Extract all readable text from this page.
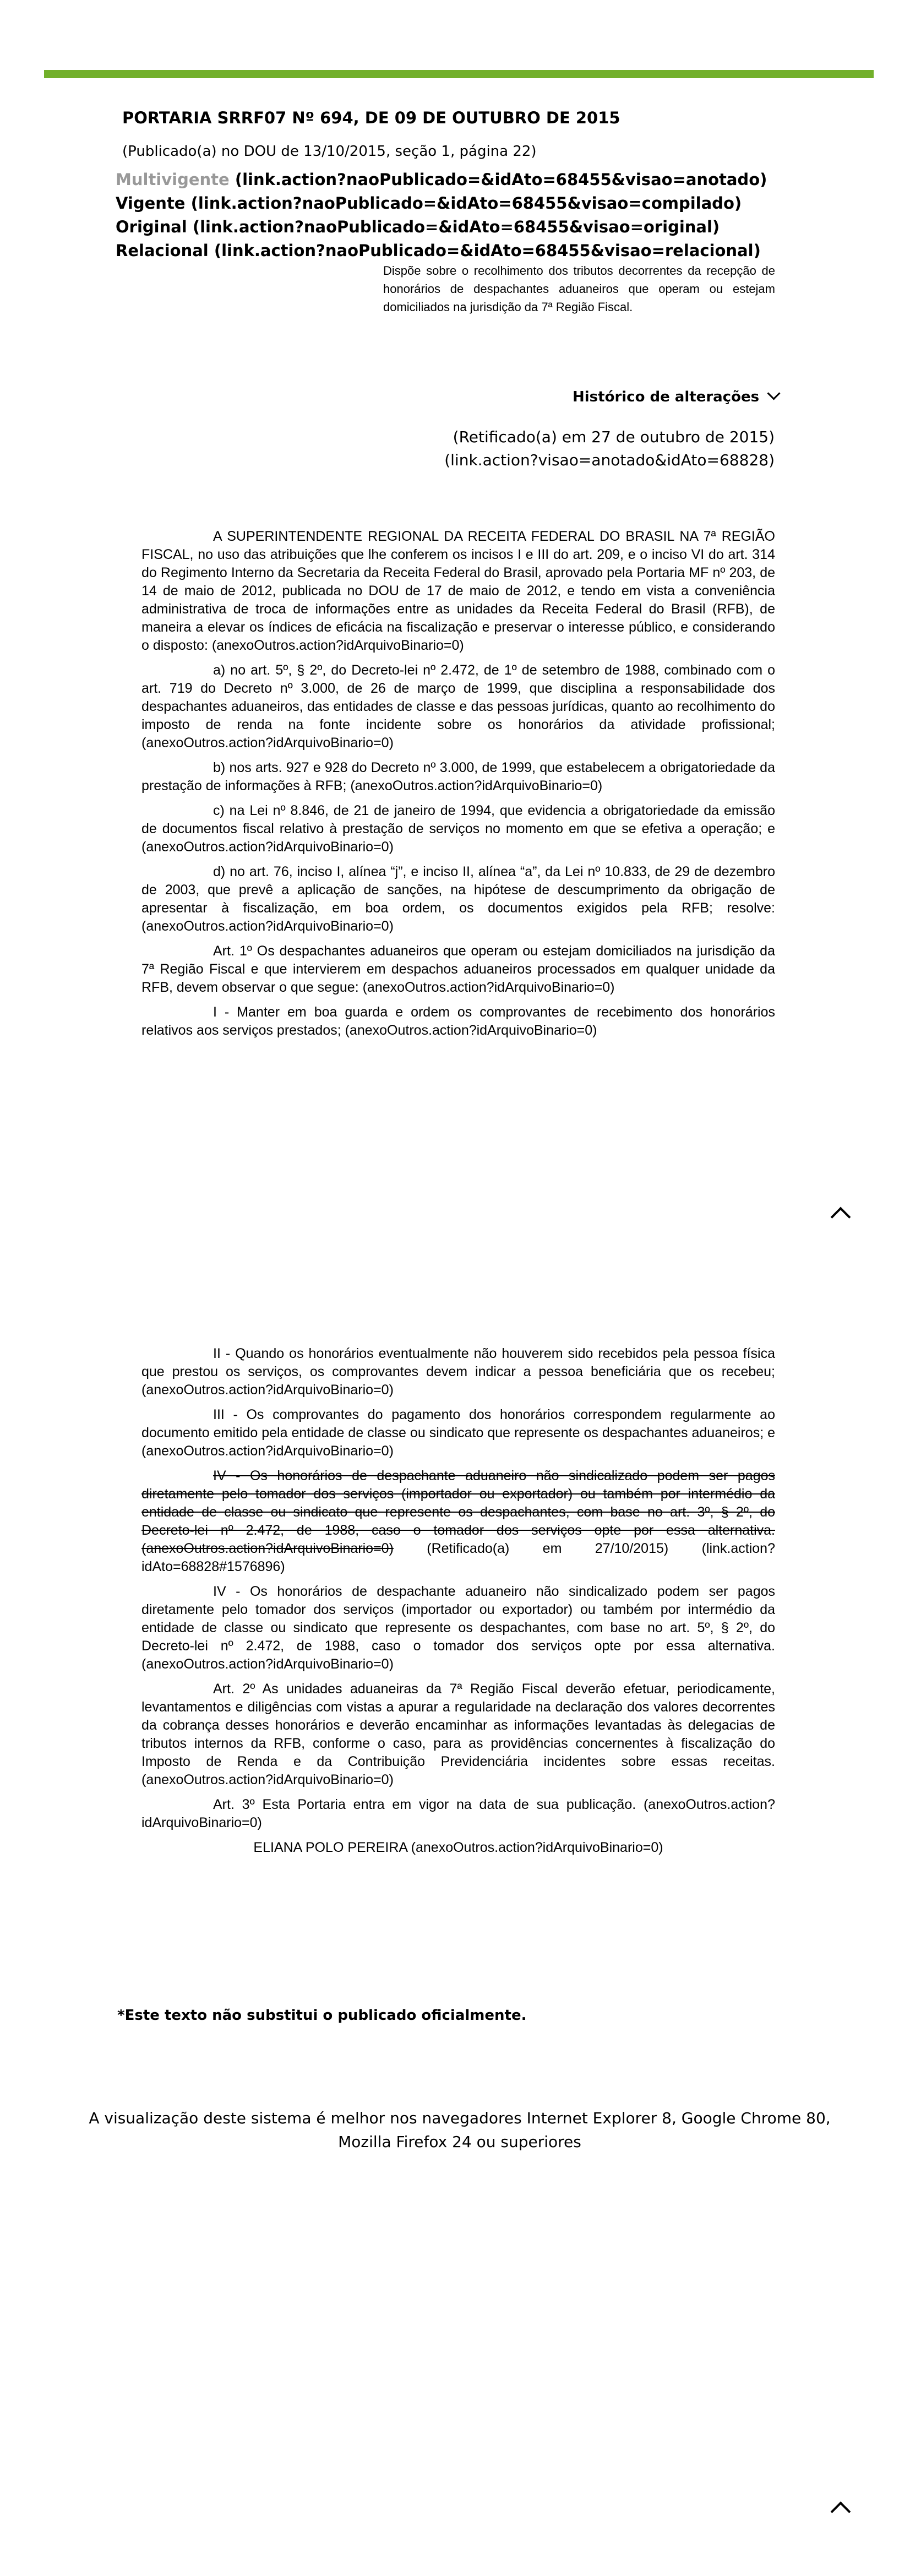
PORTARIA SRRF07 Nº 694, DE 09 DE OUTUBRO DE 2015
(Publicado(a) no DOU de 13/10/2015, seção 1, página 22)
Multivigente (link.action?naoPublicado=&idAto=68455&visao=anotado)     Vigente (link.action?naoPublicado=&idAto=68455&visao=compilado)     Original (link.action?naoPublicado=&idAto=68455&visao=original)     Relacional (link.action?naoPublicado=&idAto=68455&visao=relacional)
Dispõe sobre o recolhimento dos tributos decorrentes da recepção de honorários de despachantes aduaneiros que operam ou estejam domiciliados na jurisdição da 7ª Região Fiscal.
Histórico de alterações
(Retificado(a) em 27 de outubro de 2015)
(link.action?visao=anotado&idAto=68828)

A SUPERINTENDENTE REGIONAL DA RECEITA FEDERAL DO BRASIL NA 7ª REGIÃO FISCAL, no uso das atribuições que lhe conferem os incisos I e III do art. 209, e o inciso VI do art. 314 do Regimento Interno da Secretaria da Receita Federal do Brasil, aprovado pela Portaria MF nº 203, de 14 de maio de 2012, publicada no DOU de 17 de maio de 2012, e tendo em vista a conveniência administrativa de troca de informações entre as unidades da Receita Federal do Brasil (RFB), de maneira a elevar os índices de eficácia na fiscalização e preservar o interesse público, e considerando o disposto: (anexoOutros.action?idArquivoBinario=0)

a) no art. 5º, § 2º, do Decreto-lei nº 2.472, de 1º de setembro de 1988, combinado com o art. 719 do Decreto nº 3.000, de 26 de março de 1999, que disciplina a responsabilidade dos despachantes aduaneiros, das entidades de classe e das pessoas jurídicas, quanto ao recolhimento do imposto de renda na fonte incidente sobre os honorários da atividade profissional; (anexoOutros.action?idArquivoBinario=0)

b) nos arts. 927 e 928 do Decreto nº 3.000, de 1999, que estabelecem a obrigatoriedade da prestação de informações à RFB; (anexoOutros.action?idArquivoBinario=0)

c) na Lei nº 8.846, de 21 de janeiro de 1994, que evidencia a obrigatoriedade da emissão de documentos fiscal relativo à prestação de serviços no momento em que se efetiva a operação; e (anexoOutros.action?idArquivoBinario=0)

d) no art. 76, inciso I, alínea “j”, e inciso II, alínea “a”, da Lei nº 10.833, de 29 de dezembro de 2003, que prevê a aplicação de sanções, na hipótese de descumprimento da obrigação de apresentar à fiscalização, em boa ordem, os documentos exigidos pela RFB; resolve: (anexoOutros.action?idArquivoBinario=0)

Art. 1º Os despachantes aduaneiros que operam ou estejam domiciliados na jurisdição da 7ª Região Fiscal e que intervierem em despachos aduaneiros processados em qualquer unidade da RFB, devem observar o que segue: (anexoOutros.action?idArquivoBinario=0)

I - Manter em boa guarda e ordem os comprovantes de recebimento dos honorários relativos aos serviços prestados; (anexoOutros.action?idArquivoBinario=0)

II - Quando os honorários eventualmente não houverem sido recebidos pela pessoa física que prestou os serviços, os comprovantes devem indicar a pessoa beneficiária que os recebeu; (anexoOutros.action?idArquivoBinario=0)

III - Os comprovantes do pagamento dos honorários correspondem regularmente ao documento emitido pela entidade de classe ou sindicato que represente os despachantes aduaneiros; e (anexoOutros.action?idArquivoBinario=0)

IV - Os honorários de despachante aduaneiro não sindicalizado podem ser pagos diretamente pelo tomador dos serviços (importador ou exportador) ou também por intermédio da entidade de classe ou sindicato que represente os despachantes, com base no art. 3º, § 2º, do Decreto-lei nº 2.472, de 1988, caso o tomador dos serviços opte por essa alternativa. (anexoOutros.action?idArquivoBinario=0) (Retificado(a) em 27/10/2015) (link.action?idAto=68828#1576896)

IV - Os honorários de despachante aduaneiro não sindicalizado podem ser pagos diretamente pelo tomador dos serviços (importador ou exportador) ou também por intermédio da entidade de classe ou sindicato que represente os despachantes, com base no art. 5º, § 2º, do Decreto-lei nº 2.472, de 1988, caso o tomador dos serviços opte por essa alternativa. (anexoOutros.action?idArquivoBinario=0)

Art. 2º As unidades aduaneiras da 7ª Região Fiscal deverão efetuar, periodicamente, levantamentos e diligências com vistas a apurar a regularidade na declaração dos valores decorrentes da cobrança desses honorários e deverão encaminhar as informações levantadas às delegacias de tributos internos da RFB, conforme o caso, para as providências concernentes à fiscalização do Imposto de Renda e da Contribuição Previdenciária incidentes sobre essas receitas. (anexoOutros.action?idArquivoBinario=0)

Art. 3º Esta Portaria entra em vigor na data de sua publicação. (anexoOutros.action?idArquivoBinario=0)

ELIANA POLO PEREIRA (anexoOutros.action?idArquivoBinario=0)

*Este texto não substitui o publicado oficialmente.
A visualização deste sistema é melhor nos navegadores Internet Explorer 8, Google Chrome 80, Mozilla Firefox 24 ou superiores
